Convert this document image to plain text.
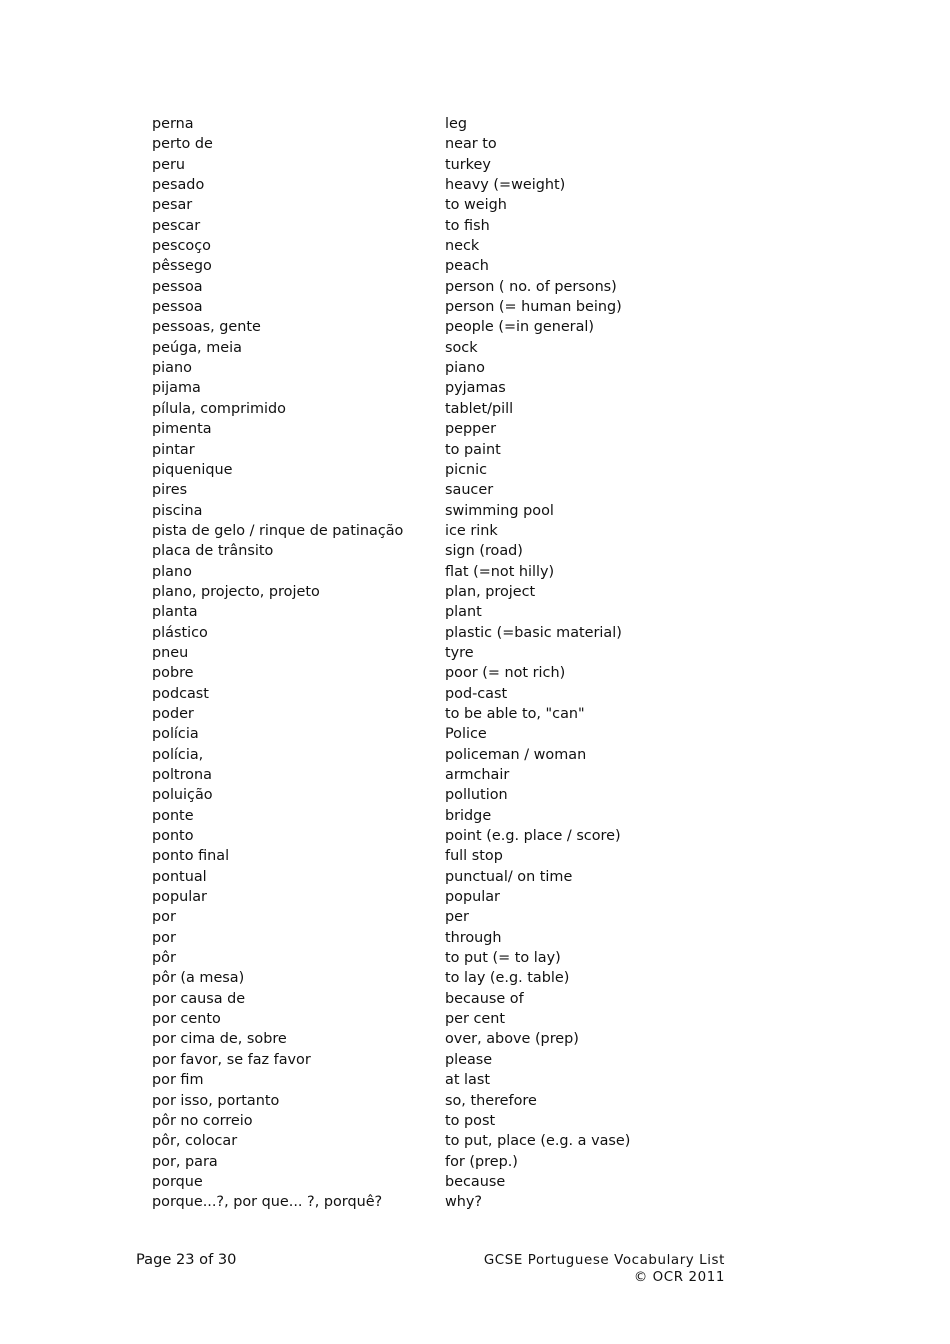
perna	leg
perto de	near to
peru	turkey
pesado	heavy (=weight)
pesar	to weigh
pescar	to fish
pescoço	neck
pêssego	peach
pessoa	person ( no. of persons)
pessoa	person (= human being)
pessoas, gente	people (=in general)
peúga, meia	sock
piano	piano
pijama	pyjamas
pílula, comprimido	tablet/pill
pimenta	pepper
pintar	to paint
piquenique	picnic
pires	saucer
piscina	swimming pool
pista de gelo / rinque de patinação	ice rink
placa de trânsito	sign (road)
plano	flat (=not hilly)
plano, projecto, projeto	plan, project
planta	plant
plástico	plastic (=basic material)
pneu	tyre
pobre	poor (= not rich)
podcast	pod-cast
poder	to be able to, "can"
polícia	Police
polícia,	policeman / woman
poltrona	armchair
poluição	pollution
ponte	bridge
ponto	point (e.g. place / score)
ponto final	full stop
pontual	punctual/ on time
popular	popular
por	per
por	through
pôr	to put (= to lay)
pôr (a mesa)	to lay (e.g. table)
por causa de	because of
por cento	per cent
por cima de, sobre	over, above (prep)
por favor, se faz favor	please
por fim	at last
por isso, portanto	so, therefore
pôr no correio	to post
pôr, colocar	to put, place (e.g. a vase)
por, para	for (prep.)
porque	because
porque...?, por que... ?, porquê?	why?
Page 23 of 30	GCSE Portuguese Vocabulary List
© OCR 2011
